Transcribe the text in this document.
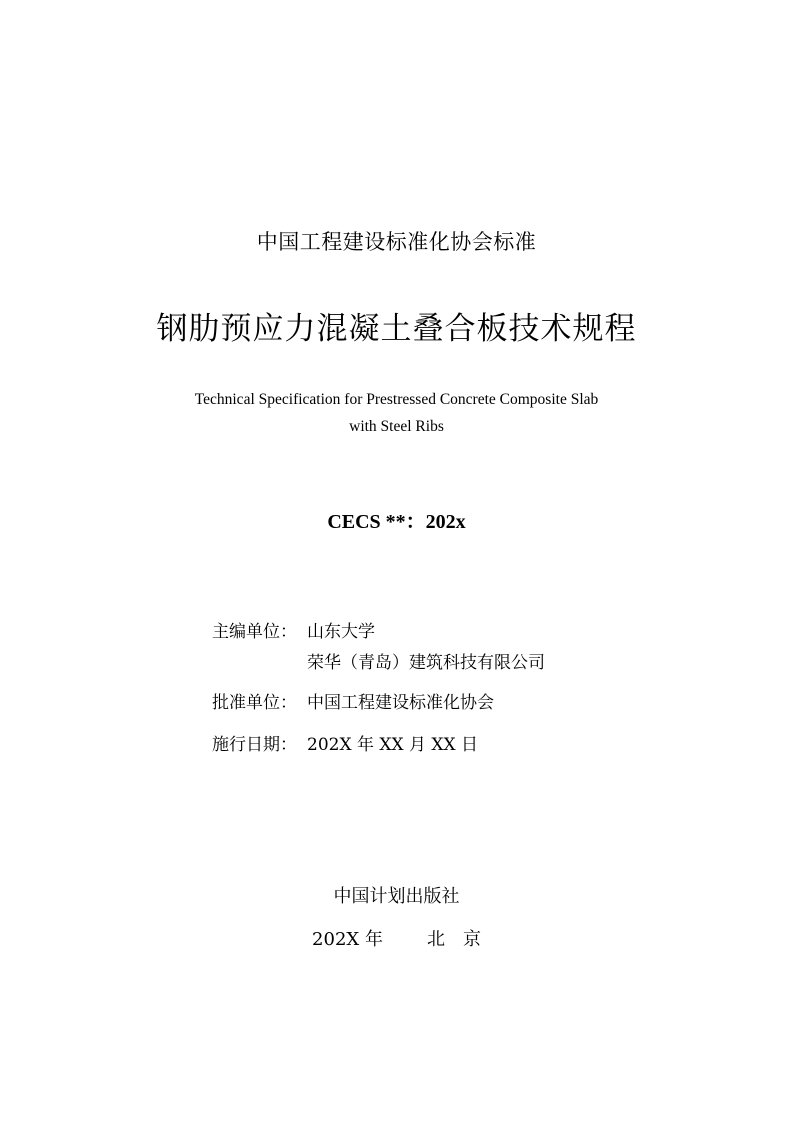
中国工程建设标准化协会标准
钢肋预应力混凝土叠合板技术规程
Technical Specification for Prestressed Concrete Composite Slab
with Steel Ribs
CECS **：202x
主编单位： 山东大学
荣华（青岛）建筑科技有限公司
批准单位： 中国工程建设标准化协会
施行日期： 202X 年 XX 月 XX 日
中国计划出版社
202X 年 北　京
